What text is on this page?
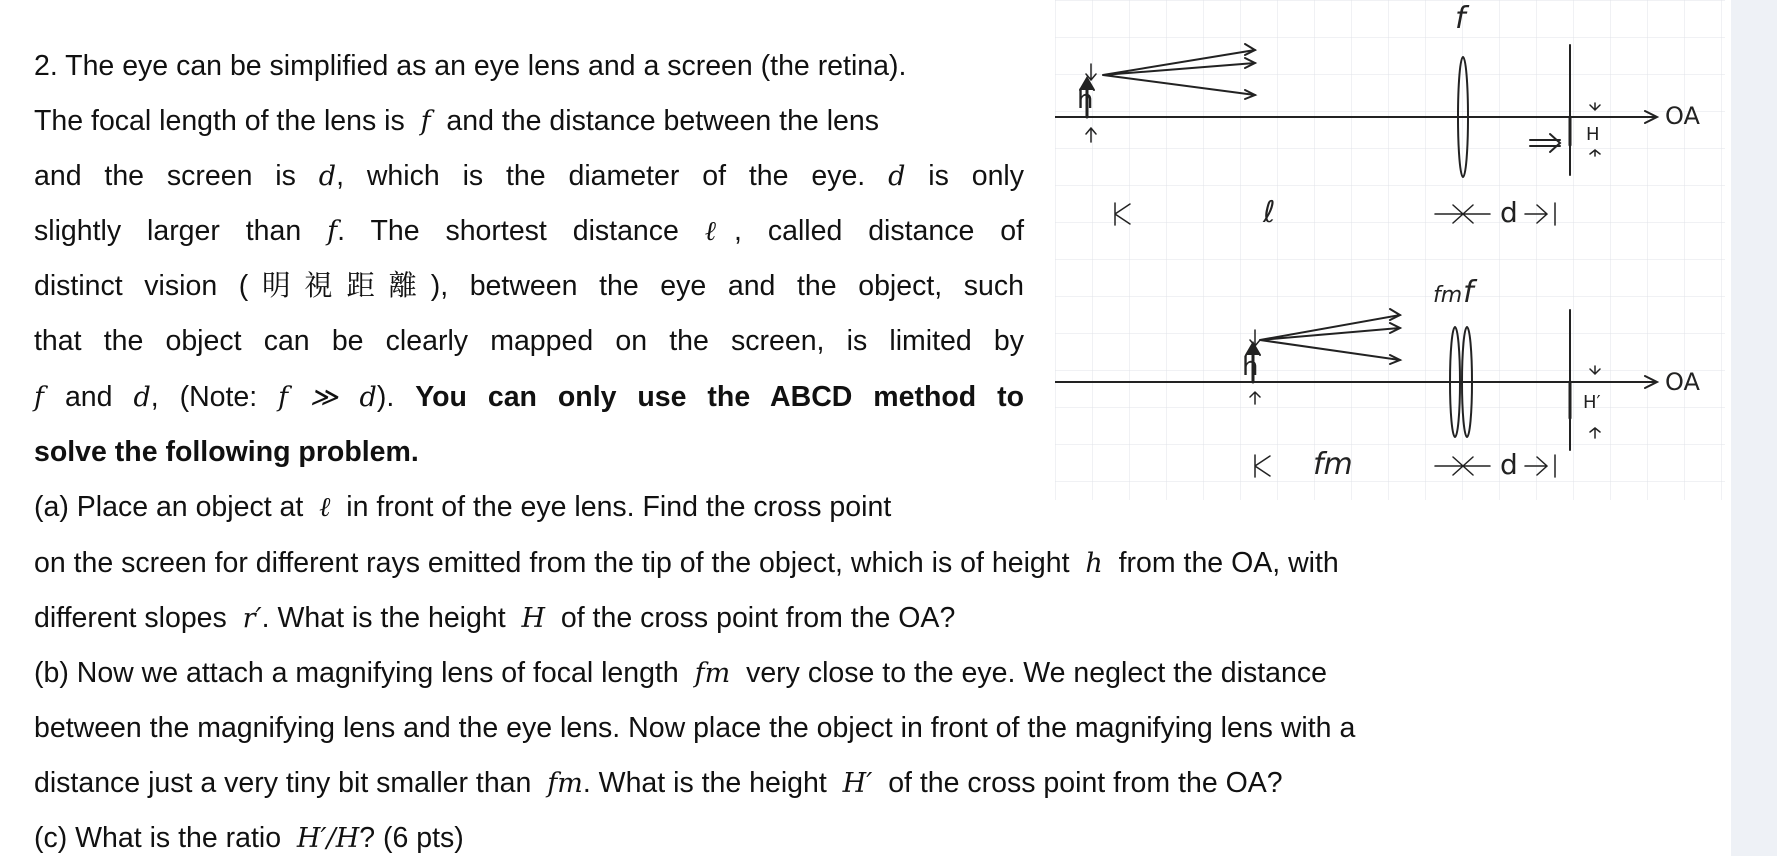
2. The eye can be simplified as an eye lens and a screen (the retina).
The focal length of the lens is f and the distance between the lens
and the screen is d, which is the diameter of the eye. d is only
slightly larger than f. The shortest distance ℓ, called distance of
distinct vision (明視距離), between the eye and the object, such
that the object can be clearly mapped on the screen, is limited by
f and d, (Note: f ≫ d). You can only use the ABCD method to
solve the following problem.
(a) Place an object at ℓ in front of the eye lens. Find the cross point
on the screen for different rays emitted from the tip of the object, which is of height h from the OA, with
different slopes r′. What is the height H of the cross point from the OA?
(b) Now we attach a magnifying lens of focal length fm very close to the eye. We neglect the distance
between the magnifying lens and the eye lens. Now place the object in front of the magnifying lens with a
distance just a very tiny bit smaller than fm. What is the height H′ of the cross point from the OA?
(c) What is the ratio H′/H? (6 pts)
f
OA
h
H
ℓ	d
fm f
OA
h
H′
fm	d
